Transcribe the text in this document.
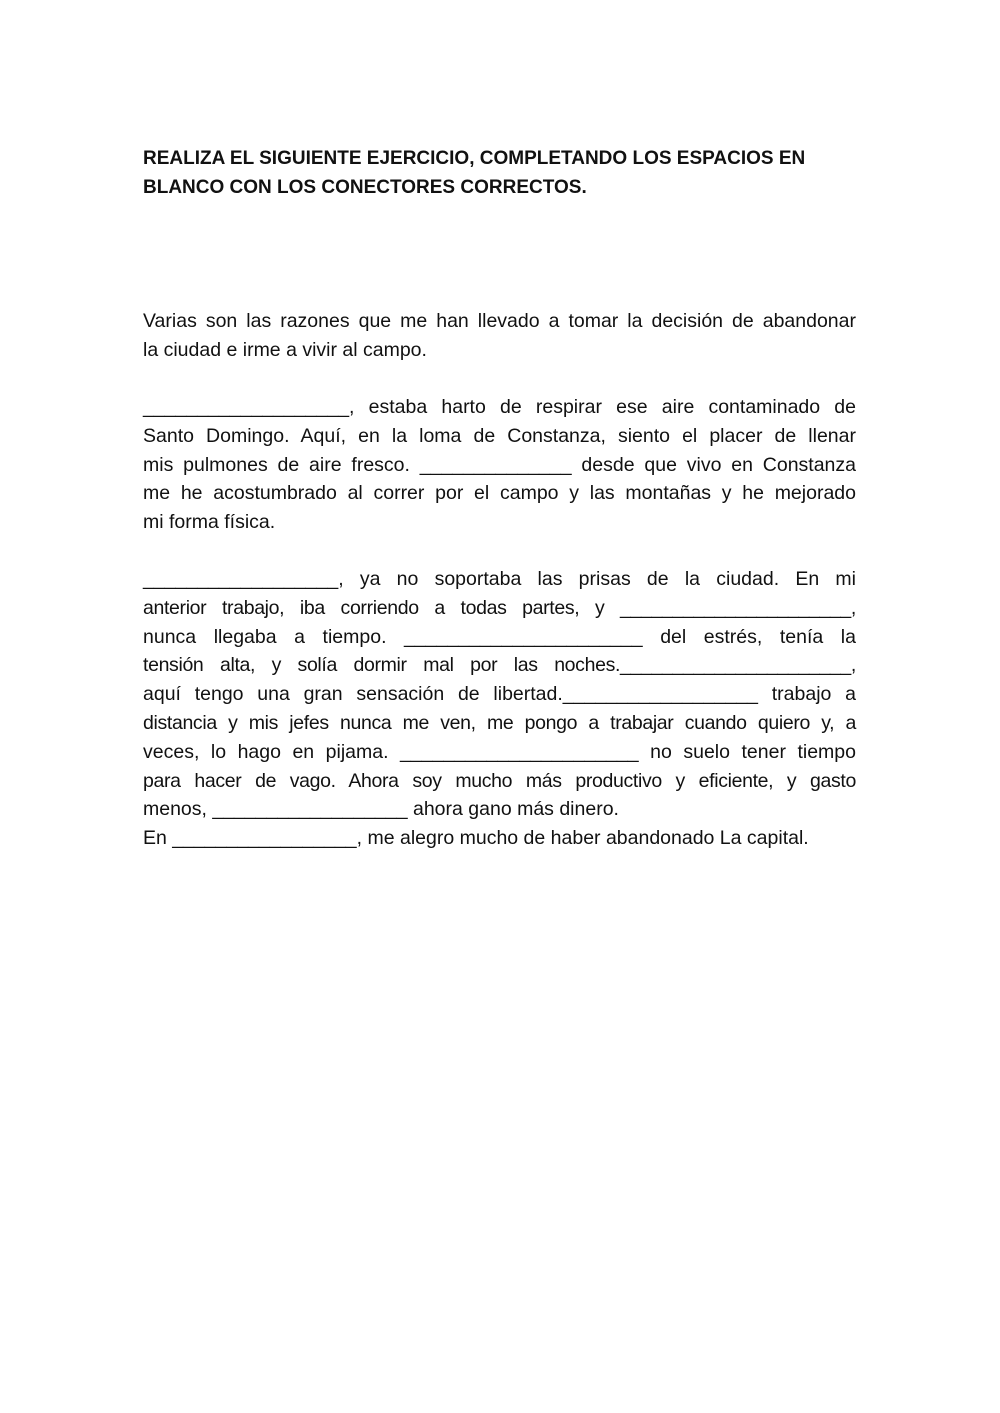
REALIZA EL SIGUIENTE EJERCICIO, COMPLETANDO LOS ESPACIOS EN
BLANCO CON LOS CONECTORES CORRECTOS.
Varias son las razones que me han llevado a tomar la decisión de abandonar
la ciudad e irme a vivir al campo.
___________________, estaba harto de respirar ese aire contaminado de
Santo Domingo. Aquí, en la loma de Constanza, siento el placer de llenar
mis pulmones de aire fresco. ______________ desde que vivo en Constanza
me he acostumbrado al correr por el campo y las montañas y he mejorado
mi forma física.
__________________, ya no soportaba las prisas de la ciudad. En mi
anterior trabajo, iba corriendo a todas partes, y ______________________,
nunca llegaba a tiempo. ______________________ del estrés, tenía la
tensión alta, y solía dormir mal por las noches.______________________,
aquí tengo una gran sensación de libertad.__________________ trabajo a
distancia y mis jefes nunca me ven, me pongo a trabajar cuando quiero y, a
veces, lo hago en pijama. ______________________ no suelo tener tiempo
para hacer de vago. Ahora soy mucho más productivo y eficiente, y gasto
menos, __________________ ahora gano más dinero.
En _________________, me alegro mucho de haber abandonado La capital.
